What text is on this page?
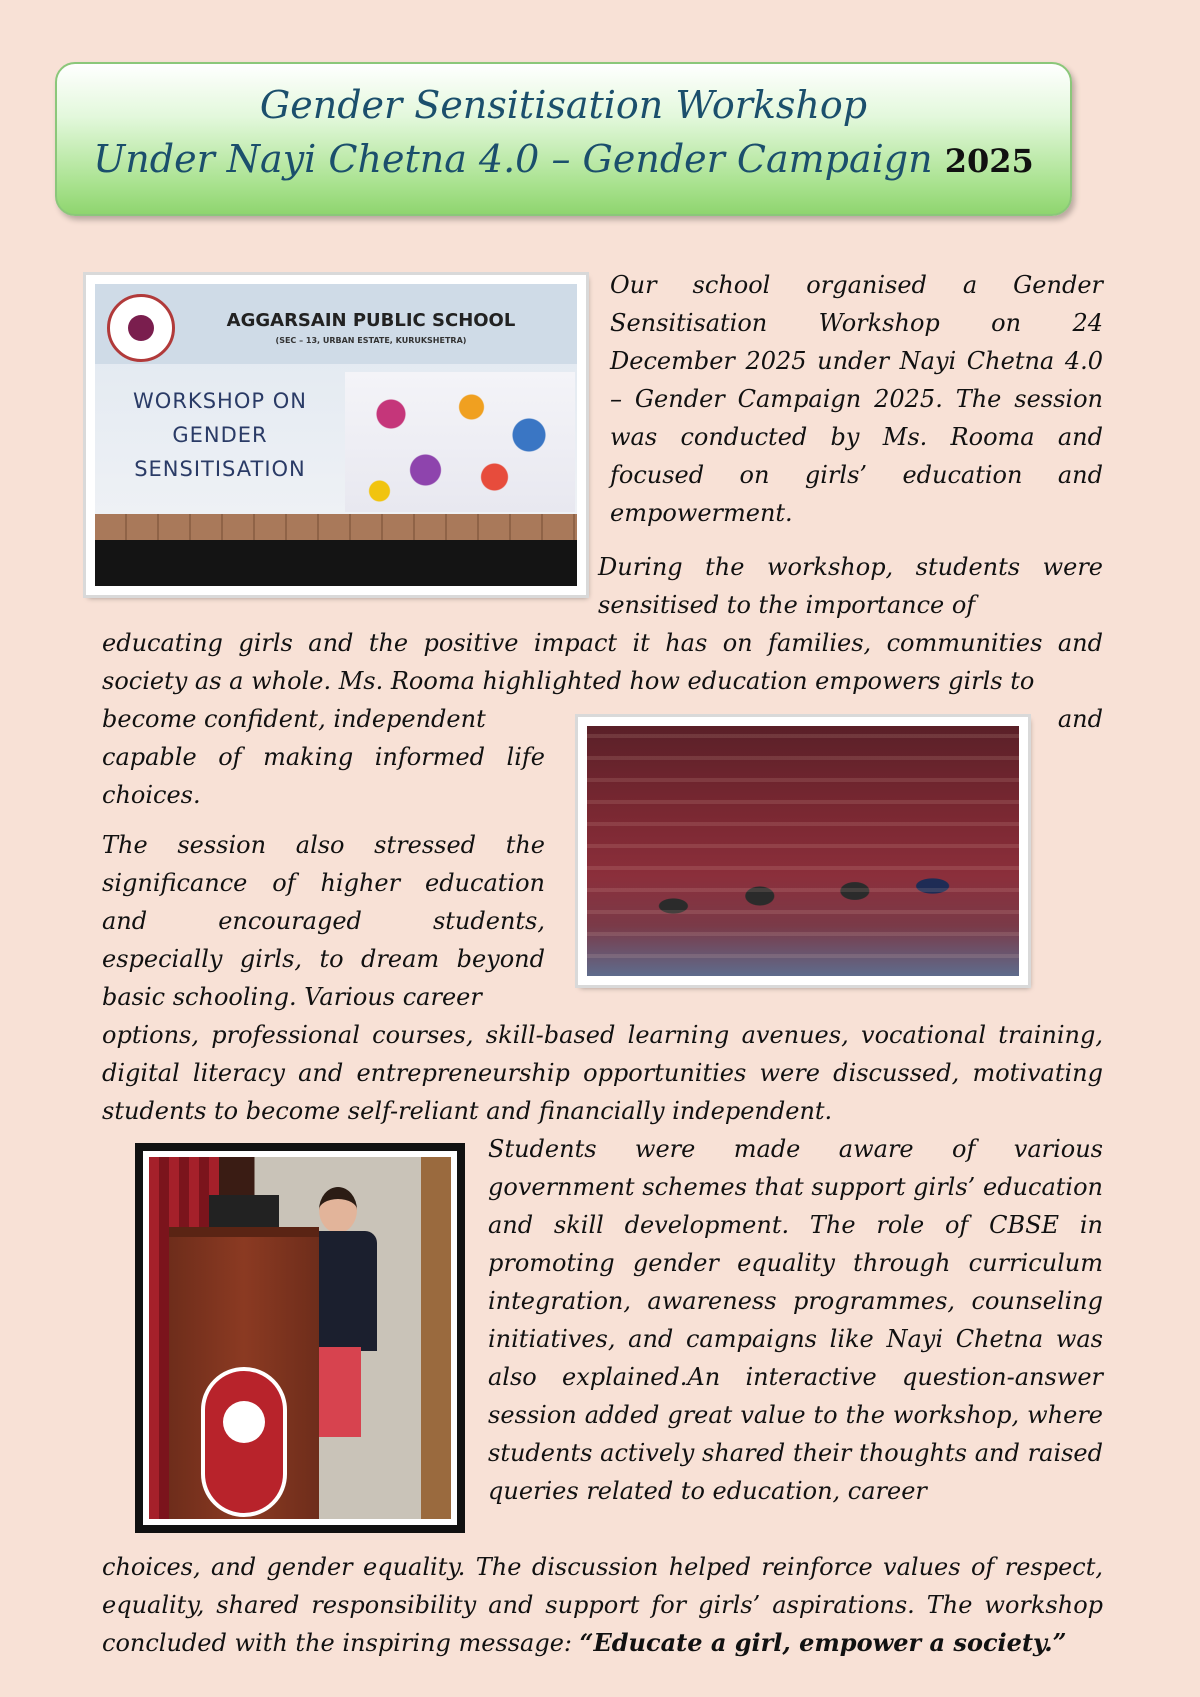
Gender Sensitisation Workshop
Under Nayi Chetna 4.0 – Gender Campaign 2025
AGGARSAIN PUBLIC SCHOOL
(SEC – 13, URBAN ESTATE, KURUKSHETRA)
WORKSHOP ON
GENDER
SENSITISATION

Our school organised a Gender Sensitisation Workshop on 24 December 2025 under Nayi Chetna 4.0 – Gender Campaign 2025. The session was conducted by Ms. Rooma and focused on girls’ education and empowerment.

During the workshop, students were sensitised to the importance of

educating girls and the positive impact it has on families, communities and society as a whole. Ms. Rooma highlighted how education empowers girls to

become confident, independent	and

capable of making informed life choices.

The session also stressed the significance of higher education and encouraged students, especially girls, to dream beyond basic schooling. Various career

options, professional courses, skill-based learning avenues, vocational training, digital literacy and entrepreneurship opportunities were discussed, motivating students to become self-reliant and financially independent.

Students were made aware of various government schemes that support girls’ education and skill development. The role of CBSE in promoting gender equality through curriculum integration, awareness programmes, counseling initiatives, and campaigns like Nayi Chetna was also explained.An interactive question-answer session added great value to the workshop, where students actively shared their thoughts and raised queries related to education, career

choices, and gender equality. The discussion helped reinforce values of respect, equality, shared responsibility and support for girls’ aspirations. The workshop concluded with the inspiring message: “Educate a girl, empower a society.”
